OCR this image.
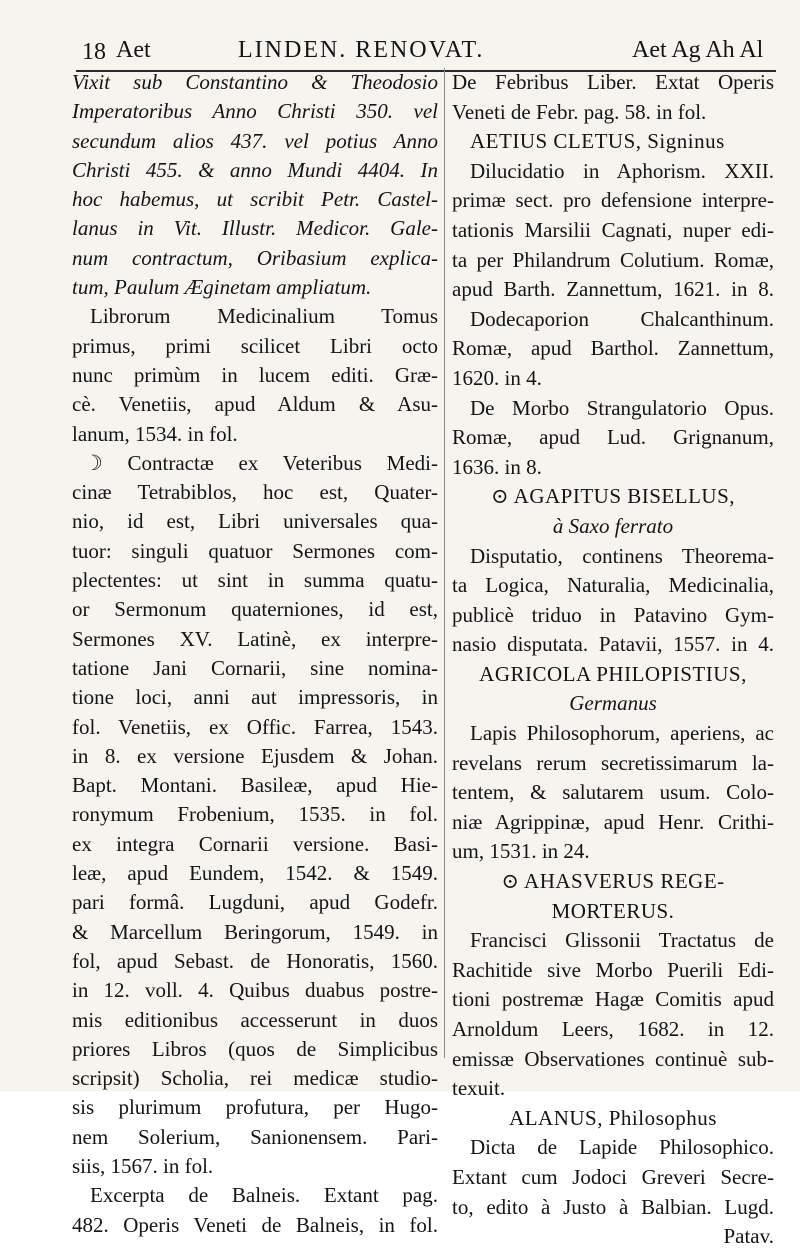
18 Aet	LINDEN. RENOVAT.	Aet Ag Ah Al
Vixit sub Constantino & Theodosio
Imperatoribus Anno Christi 350. vel
secundum alios 437. vel potius Anno
Christi 455. & anno Mundi 4404. In
hoc habemus, ut scribit Petr. Castel-
lanus in Vit. Illustr. Medicor. Gale-
num contractum, Oribasium explica-
tum, Paulum Æginetam ampliatum.
Librorum Medicinalium Tomus
primus, primi scilicet Libri octo
nunc primùm in lucem editi. Græ-
cè. Venetiis, apud Aldum & Asu-
lanum, 1534. in fol.
☽ Contractæ ex Veteribus Medi-
cinæ Tetrabiblos, hoc est, Quater-
nio, id est, Libri universales qua-
tuor: singuli quatuor Sermones com-
plectentes: ut sint in summa quatu-
or Sermonum quaterniones, id est,
Sermones XV. Latinè, ex interpre-
tatione Jani Cornarii, sine nomina-
tione loci, anni aut impressoris, in
fol. Venetiis, ex Offic. Farrea, 1543.
in 8. ex versione Ejusdem & Johan.
Bapt. Montani. Basileæ, apud Hie-
ronymum Frobenium, 1535. in fol.
ex integra Cornarii versione. Basi-
leæ, apud Eundem, 1542. & 1549.
pari formâ. Lugduni, apud Godefr.
& Marcellum Beringorum, 1549. in
fol, apud Sebast. de Honoratis, 1560.
in 12. voll. 4. Quibus duabus postre-
mis editionibus accesserunt in duos
priores Libros (quos de Simplicibus
scripsit) Scholia, rei medicæ studio-
sis plurimum profutura, per Hugo-
nem Solerium, Sanionensem. Pari-
siis, 1567. in fol.
Excerpta de Balneis. Extant pag.
482. Operis Veneti de Balneis, in fol.
De Febribus Liber. Extat Operis
Veneti de Febr. pag. 58. in fol.
AETIUS CLETUS, Signinus
Dilucidatio in Aphorism. XXII.
primæ sect. pro defensione interpre-
tationis Marsilii Cagnati, nuper edi-
ta per Philandrum Colutium. Romæ,
apud Barth. Zannettum, 1621. in 8.
Dodecaporion Chalcanthinum.
Romæ, apud Barthol. Zannettum,
1620. in 4.
De Morbo Strangulatorio Opus.
Romæ, apud Lud. Grignanum,
1636. in 8.
⊙ AGAPITUS BISELLUS,
à Saxo ferrato
Disputatio, continens Theorema-
ta Logica, Naturalia, Medicinalia,
publicè triduo in Patavino Gym-
nasio disputata. Patavii, 1557. in 4.
AGRICOLA PHILOPISTIUS,
Germanus
Lapis Philosophorum, aperiens, ac
revelans rerum secretissimarum la-
tentem, & salutarem usum. Colo-
niæ Agrippinæ, apud Henr. Crithi-
um, 1531. in 24.
⊙ AHASVERUS REGE-
MORTERUS.
Francisci Glissonii Tractatus de
Rachitide sive Morbo Puerili Edi-
tioni postremæ Hagæ Comitis apud
Arnoldum Leers, 1682. in 12.
emissæ Observationes continuè sub-
texuit.
ALANUS, Philosophus
Dicta de Lapide Philosophico.
Extant cum Jodoci Greveri Secre-
to, edito à Justo à Balbian. Lugd.
Patav.
